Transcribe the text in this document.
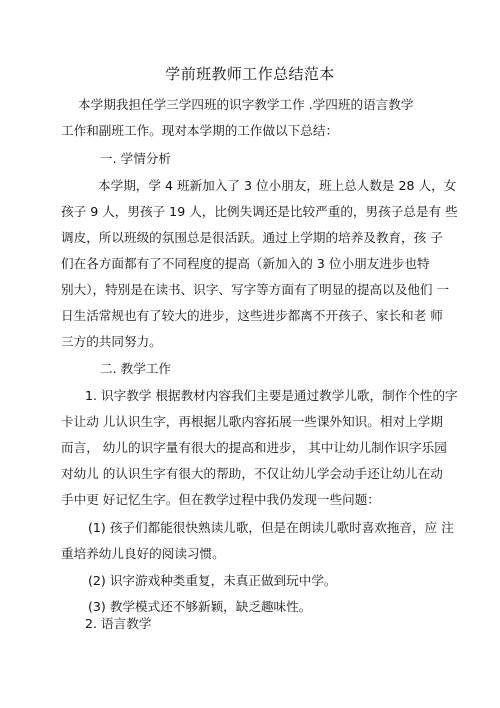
学前班教师工作总结范本
本学期我担任学三学四班的识字教学工作 .学四班的语言教学
工作和副班工作。现对本学期的工作做以下总结：
一. 学情分析
本学期，学 4 班新加入了 3 位小朋友，班上总人数是 28 人，女
孩子 9 人，男孩子 19 人，比例失调还是比较严重的，男孩子总是有 些
调皮，所以班级的氛围总是很活跃。通过上学期的培养及教育，孩 子
们在各方面都有了不同程度的提高（新加入的 3 位小朋友进步也特
别大），特别是在读书、识字、写字等方面有了明显的提高以及他们 一
日生活常规也有了较大的进步，这些进步都离不开孩子、家长和老 师
三方的共同努力。
二. 教学工作
1. 识字教学 根据教材内容我们主要是通过教学儿歌，制作个性的字
卡让动 儿认识生字，再根据儿歌内容拓展一些课外知识。相对上学期
而言， 幼儿的识字量有很大的提高和进步， 其中让幼儿制作识字乐园
对幼儿 的认识生字有很大的帮助，不仅让幼儿学会动手还让幼儿在动
手中更 好记忆生字。但在教学过程中我仍发现一些问题：
(1) 孩子们都能很快熟读儿歌，但是在朗读儿歌时喜欢拖音，应 注
重培养幼儿良好的阅读习惯。
(2) 识字游戏种类重复，未真正做到玩中学。
(3) 教学模式还不够新颖，缺乏趣味性。
2. 语言教学
